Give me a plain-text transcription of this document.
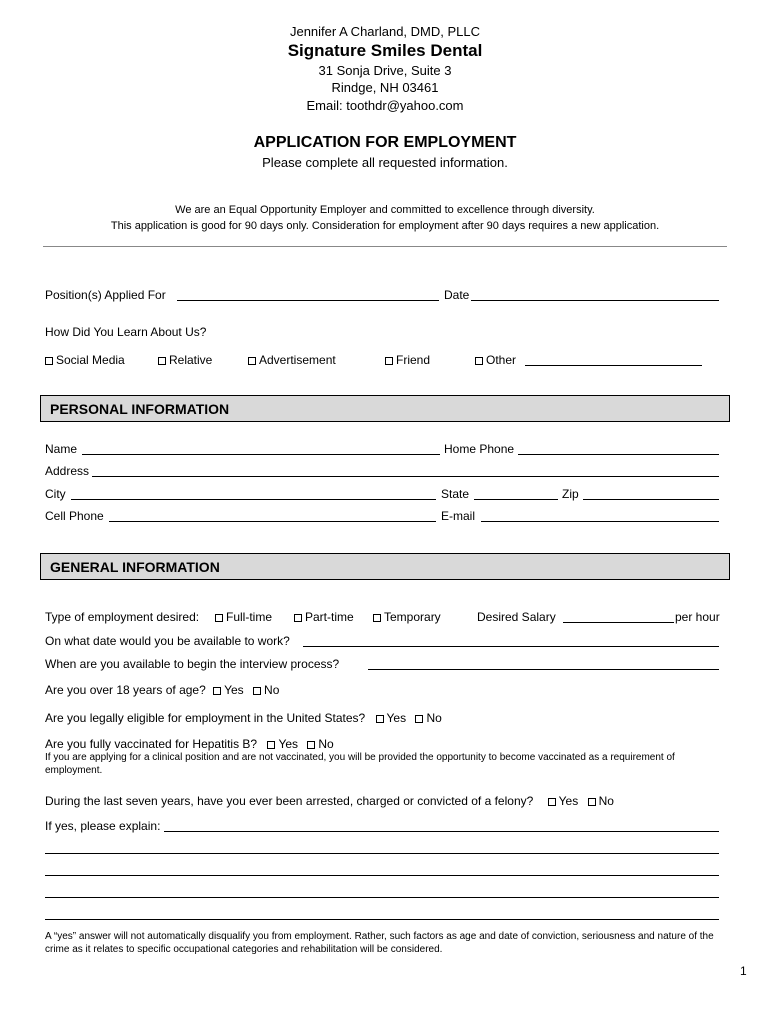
Jennifer A Charland, DMD, PLLC
Signature Smiles Dental
31 Sonja Drive, Suite 3
Rindge, NH 03461
Email: toothdr@yahoo.com
APPLICATION FOR EMPLOYMENT
Please complete all requested information.
We are an Equal Opportunity Employer and committed to excellence through diversity.
This application is good for 90 days only. Consideration for employment after 90 days requires a new application.
Position(s) Applied For	Date
How Did You Learn About Us?
Social Media	Relative	Advertisement	Friend	Other
PERSONAL INFORMATION
Name	Home Phone
Address
City	State	Zip
Cell Phone	E-mail
GENERAL INFORMATION
Type of employment desired:	Full-time	Part-time	Temporary	Desired Salary	per hour
On what date would you be available to work?
When are you available to begin the interview process?
Are you over 18 years of age? Yes No
Are you legally eligible for employment in the United States? Yes No
Are you fully vaccinated for Hepatitis B? Yes No
If you are applying for a clinical position and are not vaccinated, you will be provided the opportunity to become vaccinated as a requirement of employment.
During the last seven years, have you ever been arrested, charged or convicted of a felony? Yes No
If yes, please explain:
A “yes” answer will not automatically disqualify you from employment. Rather, such factors as age and date of conviction, seriousness and nature of the crime as it relates to specific occupational categories and rehabilitation will be considered.
1
